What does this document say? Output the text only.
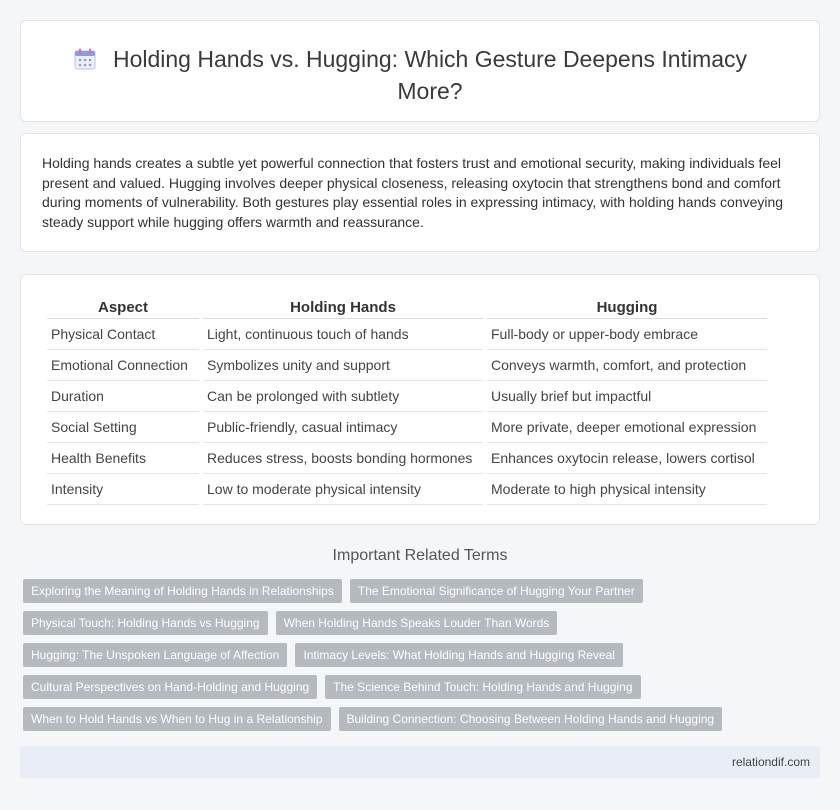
Holding Hands vs. Hugging: Which Gesture Deepens Intimacy More?

Holding hands creates a subtle yet powerful connection that fosters trust and emotional security, making individuals feel present and valued. Hugging involves deeper physical closeness, releasing oxytocin that strengthens bond and comfort during moments of vulnerability. Both gestures play essential roles in expressing intimacy, with holding hands conveying steady support while hugging offers warmth and reassurance.

Aspect	Holding Hands	Hugging
Physical Contact	Light, continuous touch of hands	Full-body or upper-body embrace
Emotional Connection	Symbolizes unity and support	Conveys warmth, comfort, and protection
Duration	Can be prolonged with subtlety	Usually brief but impactful
Social Setting	Public-friendly, casual intimacy	More private, deeper emotional expression
Health Benefits	Reduces stress, boosts bonding hormones	Enhances oxytocin release, lowers cortisol
Intensity	Low to moderate physical intensity	Moderate to high physical intensity
Important Related Terms
Exploring the Meaning of Holding Hands in Relationships	The Emotional Significance of Hugging Your Partner
Physical Touch: Holding Hands vs Hugging	When Holding Hands Speaks Louder Than Words
Hugging: The Unspoken Language of Affection	Intimacy Levels: What Holding Hands and Hugging Reveal
Cultural Perspectives on Hand-Holding and Hugging	The Science Behind Touch: Holding Hands and Hugging
When to Hold Hands vs When to Hug in a Relationship	Building Connection: Choosing Between Holding Hands and Hugging
relationdif.com
